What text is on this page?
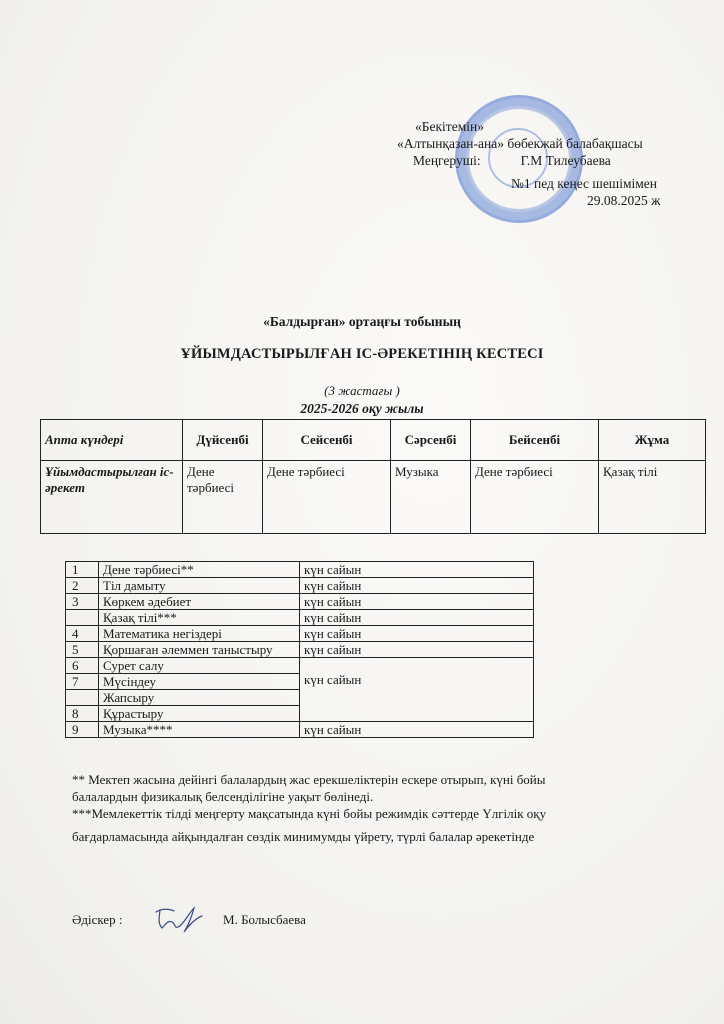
«Бекітемін»
«Алтынқазан-ана» бөбекжай балабақшасы
Меңгеруші:	Г.М Тилеубаева
№1 пед кеңес шешімімен
29.08.2025 ж
«Балдырған» ортаңғы тобының
ҰЙЫМДАСТЫРЫЛҒАН ІС-ӘРЕКЕТІНІҢ КЕСТЕСІ
(3 жастағы )
2025-2026 оқу жылы
Апта күндері	Дүйсенбі	Сейсенбі	Сәрсенбі	Бейсенбі	Жұма
Ұйымдастырылған іс-әрекет	Дене тәрбиесі	Дене тәрбиесі	Музыка	Дене тәрбиесі	Қазақ тілі
1	Дене тәрбиесі**	күн сайын
2	Тіл дамыту	күн сайын
3	Көркем әдебиет	күн сайын
	Қазақ тілі***	күн сайын
4	Математика негіздері	күн сайын
5	Қоршаған әлеммен таныстыру	күн сайын
6	Сурет салу	күн сайын
7	Мүсіндеу	
	Жапсыру	
8	Құрастыру	
9	Музыка****	күн сайын

** Мектеп жасына дейінгі балалардың жас ерекшеліктерін ескере отырып, күні бойы

балалардын физикалық белсенділігіне уақыт бөлінеді.

***Мемлекеттік тілді меңгерту мақсатында күні бойы режимдік сәттерде Үлгілік оқу

бағдарламасында айқындалған сөздік минимумды үйрету, түрлі балалар әрекетінде

Әдіскер :	М. Болысбаева
